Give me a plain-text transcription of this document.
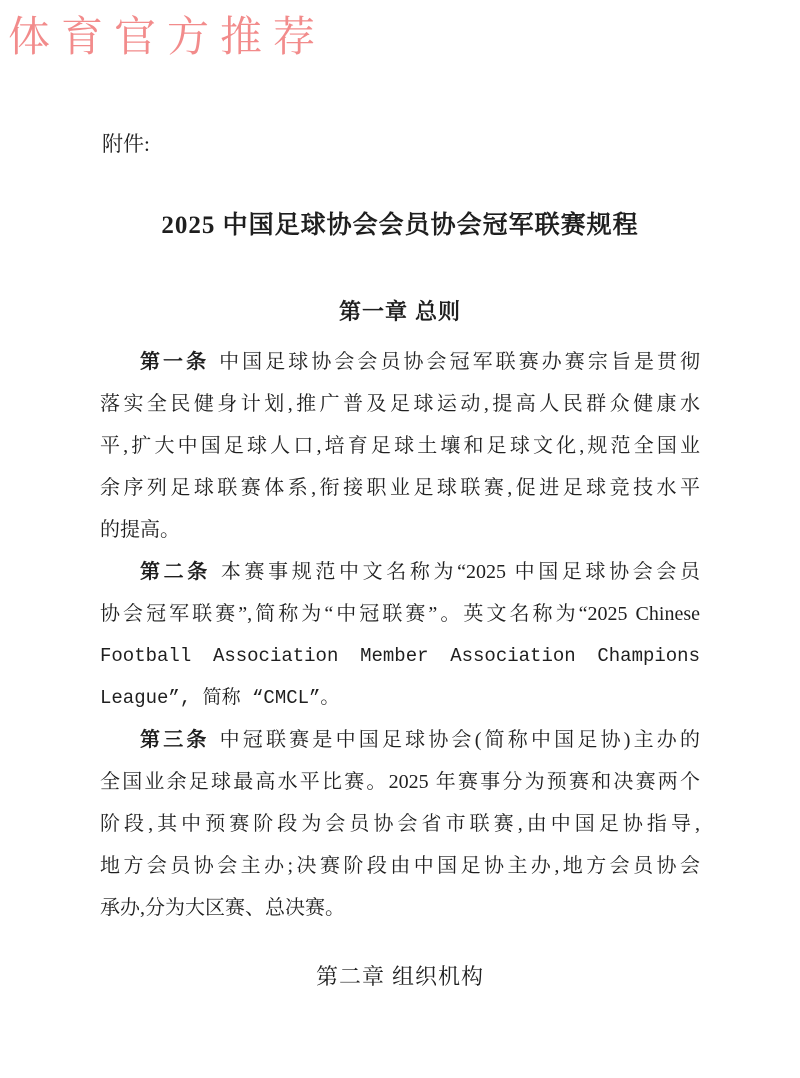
体育官方推荐

附件:

2025 中国足球协会会员协会冠军联赛规程
第一章 总则
第一条 中国足球协会会员协会冠军联赛办赛宗旨是贯彻
落实全民健身计划,推广普及足球运动,提高人民群众健康水
平,扩大中国足球人口,培育足球土壤和足球文化,规范全国业
余序列足球联赛体系,衔接职业足球联赛,促进足球竞技水平
的提高。
第二条 本赛事规范中文名称为“2025 中国足球协会会员
协会冠军联赛”,简称为“中冠联赛”。英文名称为“2025 Chinese
Football Association Member Association Champions
League”, 简称 “CMCL”。
第三条 中冠联赛是中国足球协会(简称中国足协)主办的
全国业余足球最高水平比赛。2025 年赛事分为预赛和决赛两个
阶段,其中预赛阶段为会员协会省市联赛,由中国足协指导,
地方会员协会主办;决赛阶段由中国足协主办,地方会员协会
承办,分为大区赛、总决赛。
第二章 组织机构
